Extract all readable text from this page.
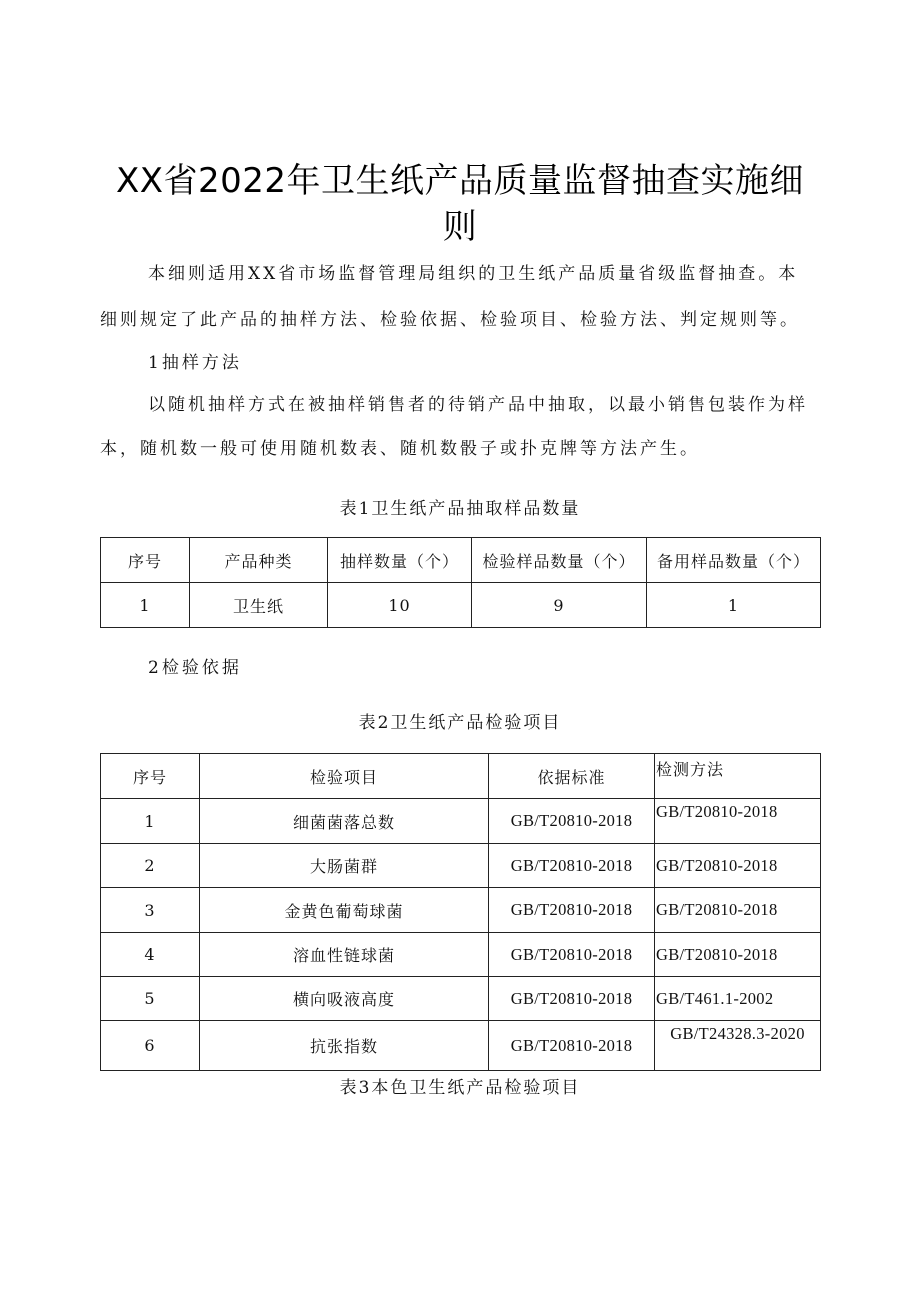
XX省2022年卫生纸产品质量监督抽查实施细
则
本细则适用XX省市场监督管理局组织的卫生纸产品质量省级监督抽查。本
细则规定了此产品的抽样方法、检验依据、检验项目、检验方法、判定规则等。
1抽样方法
以随机抽样方式在被抽样销售者的待销产品中抽取，以最小销售包装作为样
本，随机数一般可使用随机数表、随机数骰子或扑克牌等方法产生。
表1卫生纸产品抽取样品数量
序号	产品种类	抽样数量（个）	检验样品数量（个）	备用样品数量（个）
1	卫生纸	10	9	1
2检验依据
表2卫生纸产品检验项目
序号	检验项目	依据标准	检测方法
1	细菌菌落总数	GB/T20810-2018	GB/T20810-2018
2	大肠菌群	GB/T20810-2018	GB/T20810-2018
3	金黄色葡萄球菌	GB/T20810-2018	GB/T20810-2018
4	溶血性链球菌	GB/T20810-2018	GB/T20810-2018
5	横向吸液高度	GB/T20810-2018	GB/T461.1-2002
6	抗张指数	GB/T20810-2018	GB/T24328.3-2020
表3本色卫生纸产品检验项目
